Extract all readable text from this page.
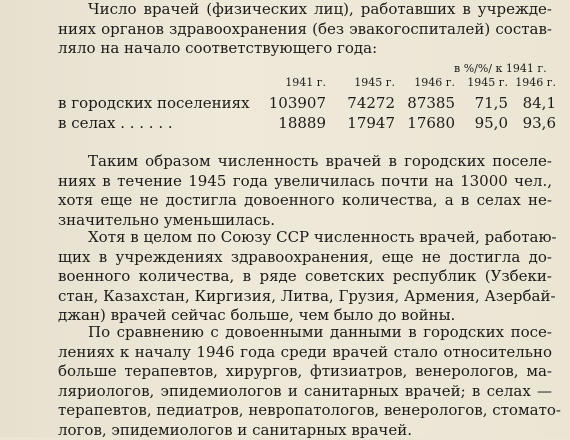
Число врачей (физических лиц), работавших в учрежде-
ниях органов здравоохранения (без эвакогоспиталей) состав-
ляло на начало соответствующего года:
в %/%/ к 1941 г.
1941 г.	1945 г. 1946 г. 1945 г. 1946 г.
в городских поселениях 103907 74272 87385 71,5 84,1
в селах . . . . . .	18889 17947 17680 95,0 93,6
Таким образом численность врачей в городских поселе-
ниях в течение 1945 года увеличилась почти на 13000 чел.,
хотя еще не достигла довоенного количества, а в селах не-
значительно уменьшилась.
Хотя в целом по Союзу ССР численность врачей, работаю-
щих в учреждениях здравоохранения, еще не достигла до-
военного количества, в ряде советских республик (Узбеки-
стан, Казахстан, Киргизия, Литва, Грузия, Армения, Азербай-
джан) врачей сейчас больше, чем было до войны.
По сравнению с довоенными данными в городских посе-
лениях к началу 1946 года среди врачей стало относительно
больше терапевтов, хирургов, фтизиатров, венерологов, ма-
ляриологов, эпидемиологов и санитарных врачей; в селах —
терапевтов, педиатров, невропатологов, венерологов, стомато-
логов, эпидемиологов и санитарных врачей.
